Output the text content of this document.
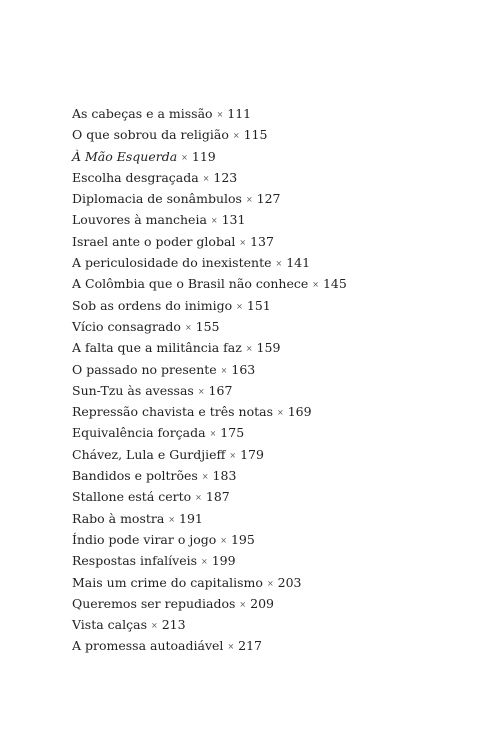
As cabeças e a missão × 111
O que sobrou da religião × 115
À Mão Esquerda × 119
Escolha desgraçada × 123
Diplomacia de sonâmbulos × 127
Louvores à mancheia × 131
Israel ante o poder global × 137
A periculosidade do inexistente × 141
A Colômbia que o Brasil não conhece × 145
Sob as ordens do inimigo × 151
Vício consagrado × 155
A falta que a militância faz × 159
O passado no presente × 163
Sun-Tzu às avessas × 167
Repressão chavista e três notas × 169
Equivalência forçada × 175
Chávez, Lula e Gurdjieff × 179
Bandidos e poltrões × 183
Stallone está certo × 187
Rabo à mostra × 191
Índio pode virar o jogo × 195
Respostas infalíveis × 199
Mais um crime do capitalismo × 203
Queremos ser repudiados × 209
Vista calças × 213
A promessa autoadiável × 217
